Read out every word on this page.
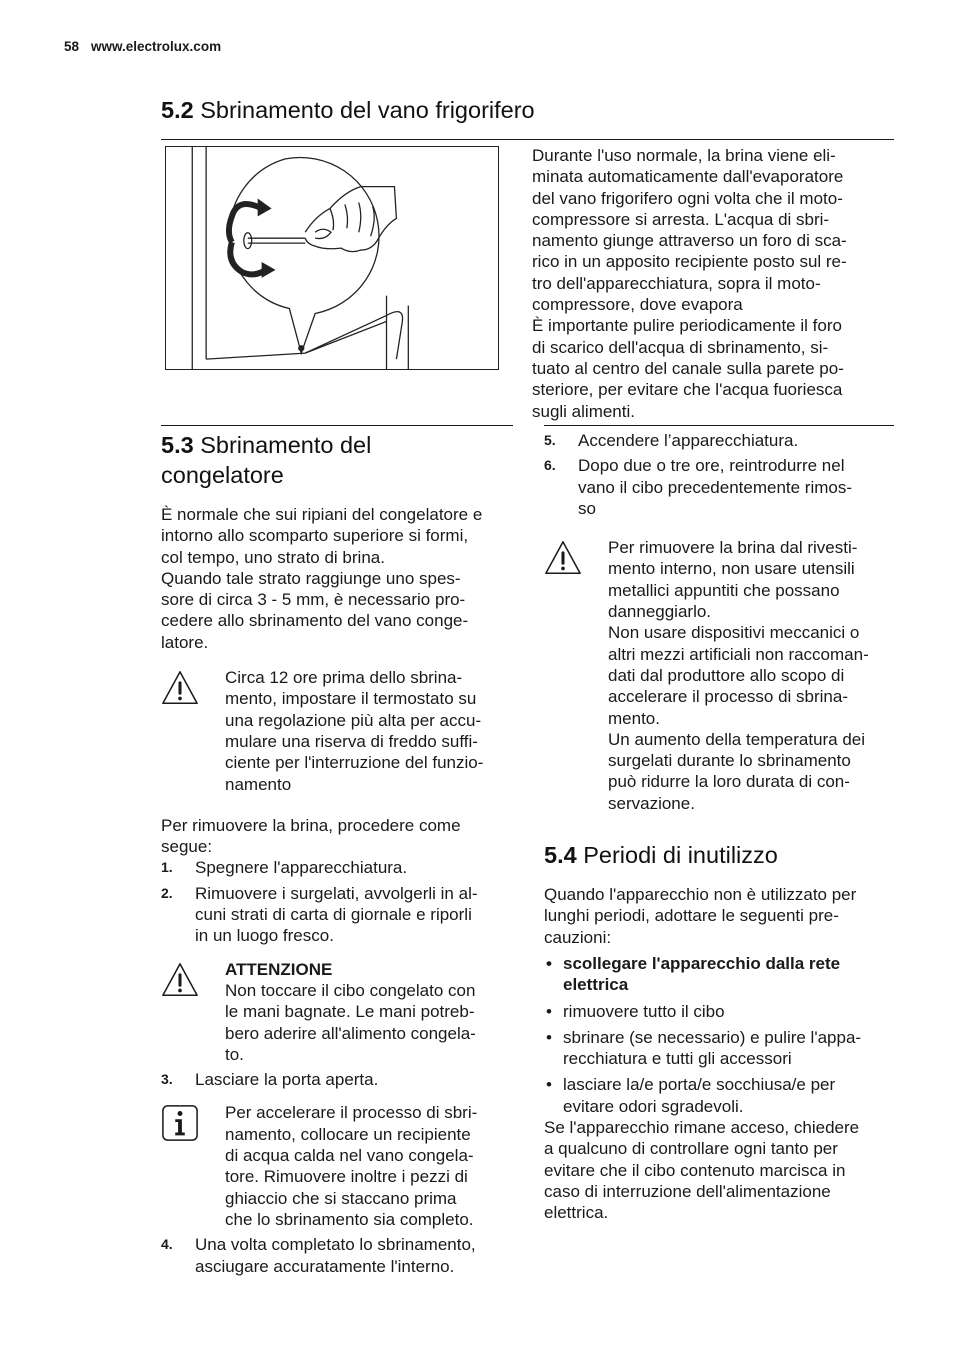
58 www.electrolux.com
5.2 Sbrinamento del vano frigorifero
Durante l'uso normale, la brina viene eli-
minata automaticamente dall'evaporatore
del vano frigorifero ogni volta che il moto-
compressore si arresta. L'acqua di sbri-
namento giunge attraverso un foro di sca-
rico in un apposito recipiente posto sul re-
tro dell'apparecchiatura, sopra il moto-
compressore, dove evapora
È importante pulire periodicamente il foro
di scarico dell'acqua di sbrinamento, si-
tuato al centro del canale sulla parete po-
steriore, per evitare che l'acqua fuoriesca
sugli alimenti.
5.3 Sbrinamento del
congelatore

È normale che sui ripiani del congelatore e
intorno allo scomparto superiore si formi,
col tempo, uno strato di brina.
Quando tale strato raggiunge uno spes-
sore di circa 3 - 5 mm, è necessario pro-
cedere allo sbrinamento del vano conge-
latore.

Circa 12 ore prima dello sbrina-
mento, impostare il termostato su
una regolazione più alta per accu-
mulare una riserva di freddo suffi-
ciente per l'interruzione del funzio-
namento

Per rimuovere la brina, procedere come
segue:

1. Spegnere l'apparecchiatura.
2. Rimuovere i surgelati, avvolgerli in al-
cuni strati di carta di giornale e riporli
in un luogo fresco.
ATTENZIONE
Non toccare il cibo congelato con
le mani bagnate. Le mani potreb-
bero aderire all'alimento congela-
to.
3. Lasciare la porta aperta.
Per accelerare il processo di sbri-
namento, collocare un recipiente
di acqua calda nel vano congela-
tore. Rimuovere inoltre i pezzi di
ghiaccio che si staccano prima
che lo sbrinamento sia completo.
4. Una volta completato lo sbrinamento,
asciugare accuratamente l'interno.
5. Accendere l’apparecchiatura.
6. Dopo due o tre ore, reintrodurre nel
vano il cibo precedentemente rimos-
so
Per rimuovere la brina dal rivesti-
mento interno, non usare utensili
metallici appuntiti che possano
danneggiarlo.
Non usare dispositivi meccanici o
altri mezzi artificiali non raccoman-
dati dal produttore allo scopo di
accelerare il processo di sbrina-
mento.
Un aumento della temperatura dei
surgelati durante lo sbrinamento
può ridurre la loro durata di con-
servazione.
5.4 Periodi di inutilizzo

Quando l'apparecchio non è utilizzato per
lunghi periodi, adottare le seguenti pre-
cauzioni:

• scollegare l'apparecchio dalla rete
elettrica
• rimuovere tutto il cibo
• sbrinare (se necessario) e pulire l'appa-
recchiatura e tutti gli accessori
• lasciare la/e porta/e socchiusa/e per
evitare odori sgradevoli.

Se l'apparecchio rimane acceso, chiedere
a qualcuno di controllare ogni tanto per
evitare che il cibo contenuto marcisca in
caso di interruzione dell'alimentazione
elettrica.
